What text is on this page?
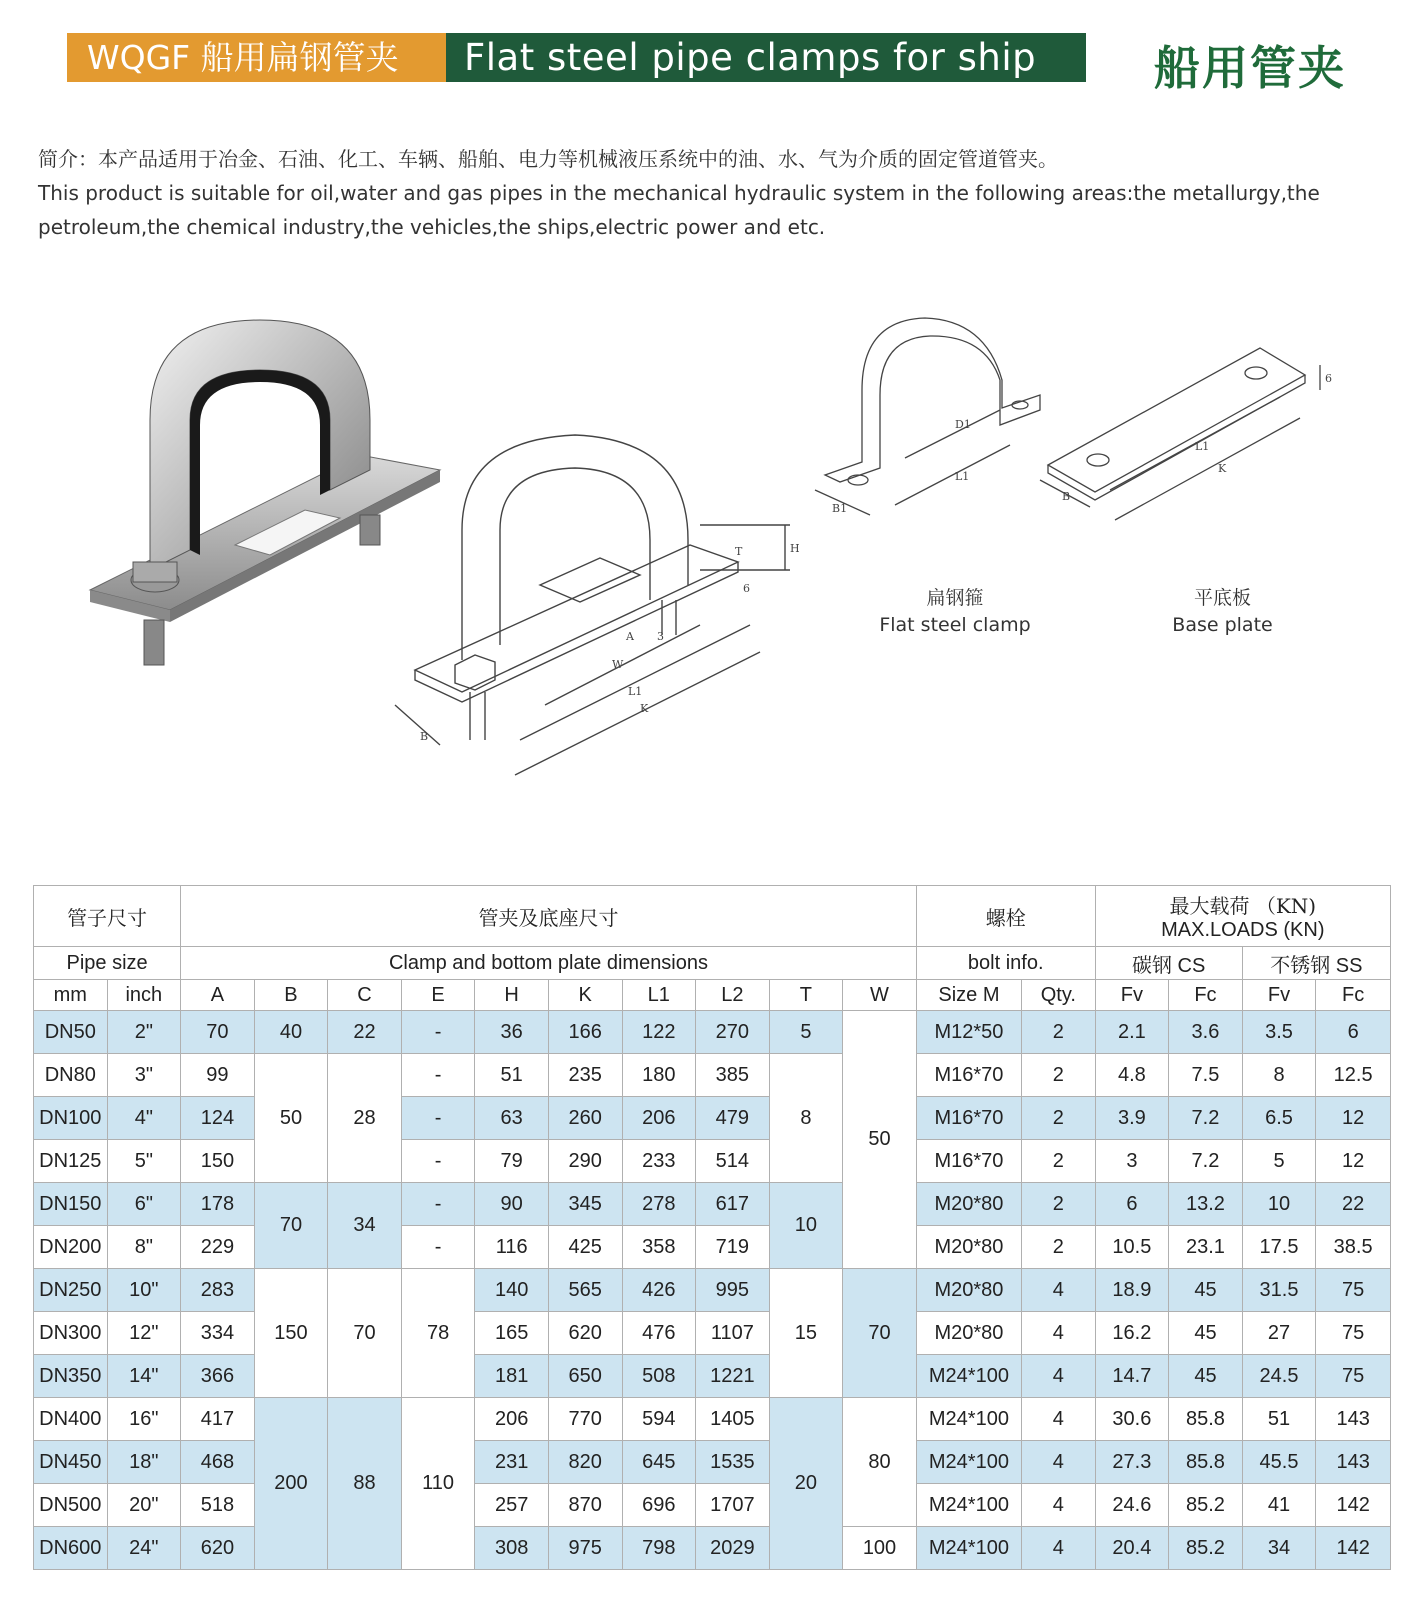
WQGF 船用扁钢管夹	Flat steel pipe clamps for ship	船用管夹

简介：本产品适用于冶金、石油、化工、车辆、船舶、电力等机械液压系统中的油、水、气为介质的固定管道管夹。

This product is suitable for oil,water and gas pipes in the mechanical hydraulic system in the following areas:the metallurgy,the petroleum,the chemical industry,the vehicles,the ships,electric power and etc.

T	H
6
3
W
A
L1
K
B
D1
L1
B1
L1
K
B
6
扁钢箍
Flat steel clamp
平底板
Base plate
管子尺寸		管夹及底座尺寸										螺栓		最大载荷 （KN)
MAX.LOADS (KN)			

Pipe size		Clamp and bottom plate dimensions										bolt info.		碳钢 CS		不锈钢 SS	
mm	inch	A	B	C	E	H	K	L1	L2	T	W	Size M	Qty.	Fv	Fc	Fv	Fc
DN50	2"	70	40	22	-	36	166	122	270	5	50	M12*50	2	2.1	3.6	3.5	6
DN80	3"	99	50	28	-	51	235	180	385	8		M16*70	2	4.8	7.5	8	12.5
DN100	4"	124			-	63	260	206	479			M16*70	2	3.9	7.2	6.5	12
DN125	5"	150			-	79	290	233	514			M16*70	2	3	7.2	5	12
DN150	6"	178	70	34	-	90	345	278	617	10		M20*80	2	6	13.2	10	22
DN200	8"	229			-	116	425	358	719			M20*80	2	10.5	23.1	17.5	38.5
DN250	10"	283	150	70	78	140	565	426	995	15	70	M20*80	4	18.9	45	31.5	75
DN300	12"	334				165	620	476	1107			M20*80	4	16.2	45	27	75
DN350	14"	366				181	650	508	1221			M24*100	4	14.7	45	24.5	75
DN400	16"	417	200	88	110	206	770	594	1405	20	80	M24*100	4	30.6	85.8	51	143
DN450	18"	468				231	820	645	1535			M24*100	4	27.3	85.8	45.5	143
DN500	20"	518				257	870	696	1707			M24*100	4	24.6	85.2	41	142
DN600	24"	620				308	975	798	2029		100	M24*100	4	20.4	85.2	34	142
